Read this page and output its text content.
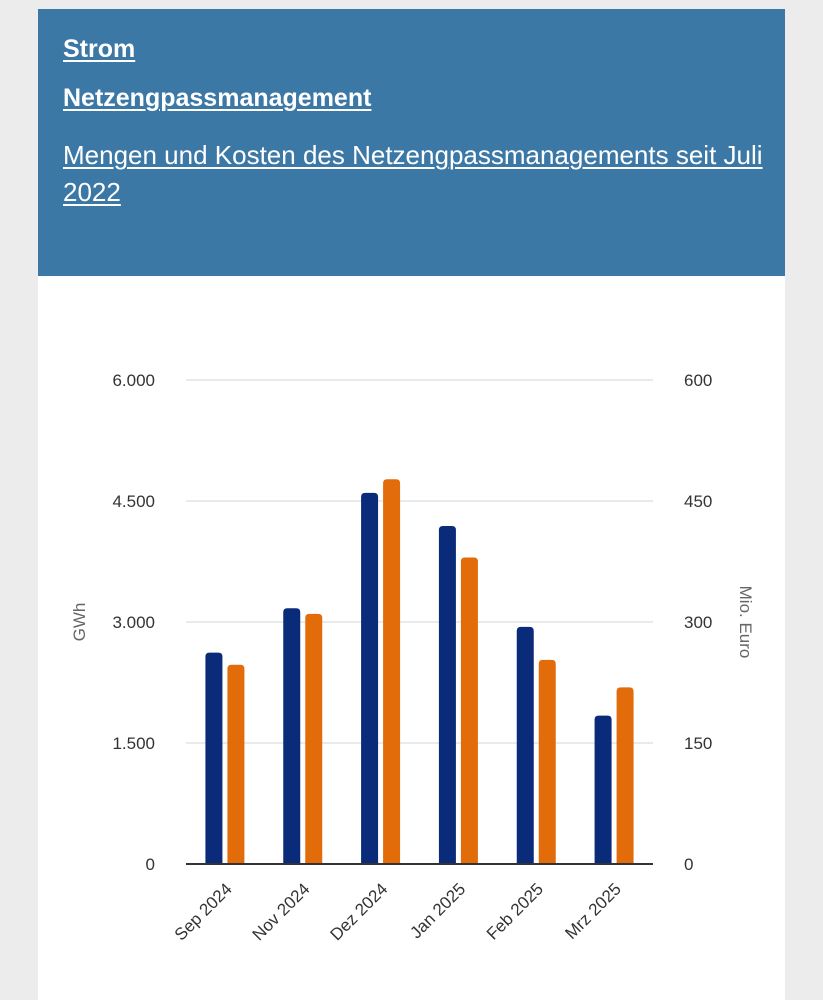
Strom
Netzengpassmanagement
Mengen und Kosten des Netzengpassmanagements seit Juli 2022
0
1.500
3.000
4.500
6.000
0
150
300
450
600
Sep 2024 Nov 2024 Dez 2024 Jan 2025 Feb 2025 Mrz 2025
GWh	Mio. Euro
